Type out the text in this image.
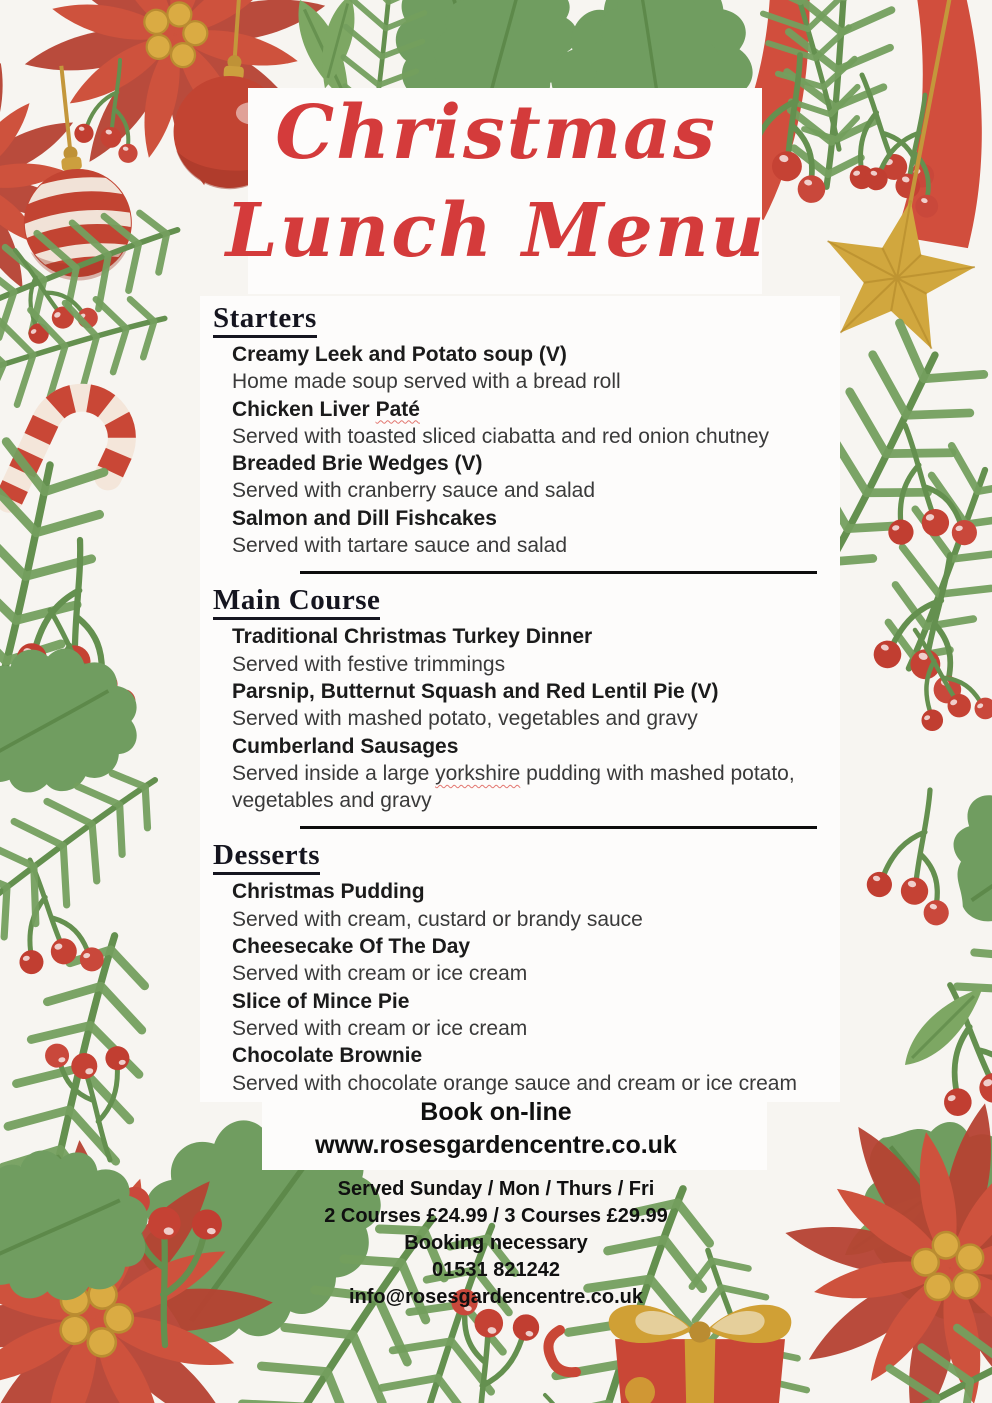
Christmas
Lunch Menu
Starters
Creamy Leek and Potato soup (V)
Home made soup served with a bread roll
Chicken Liver Paté
Served with toasted sliced ciabatta and red onion chutney
Breaded Brie Wedges (V)
Served with cranberry sauce and salad
Salmon and Dill Fishcakes
Served with tartare sauce and salad
Main Course
Traditional Christmas Turkey Dinner
Served with festive trimmings
Parsnip, Butternut Squash and Red Lentil Pie (V)
Served with mashed potato, vegetables and gravy
Cumberland Sausages
Served inside a large yorkshire pudding with mashed potato, vegetables and gravy
Desserts
Christmas Pudding
Served with cream, custard or brandy sauce
Cheesecake Of The Day
Served with cream or ice cream
Slice of Mince Pie
Served with cream or ice cream
Chocolate Brownie
Served with chocolate orange sauce and cream or ice cream
Book on-line
www.rosesgardencentre.co.uk
Served Sunday / Mon / Thurs / Fri
2 Courses £24.99 / 3 Courses £29.99
Booking necessary
01531 821242
info@rosesgardencentre.co.uk
